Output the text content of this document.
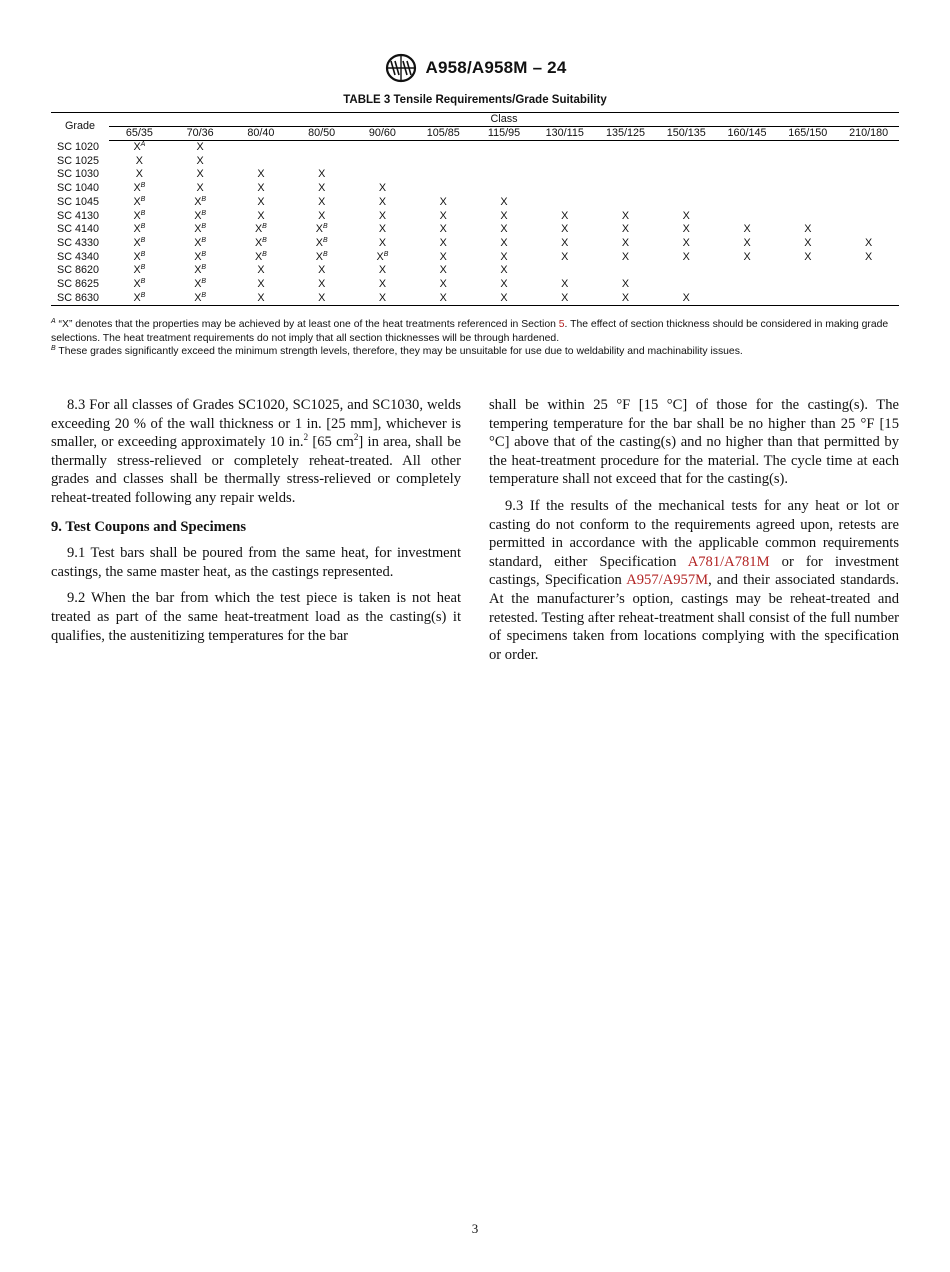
A958/A958M – 24
TABLE 3 Tensile Requirements/Grade Suitability
Grade	Class												
	65/35	70/36	80/40	80/50	90/60	105/85	115/95	130/115	135/125	150/135	160/145	165/150	210/180
SC 1020	$X^A$	X											
SC 1025	X	X											
SC 1030	X	X	X	X									
SC 1040	$X^B$	X	X	X	X								
SC 1045	$X^B$	$X^B$	X	X	X	X	X						
SC 4130	$X^B$	$X^B$	X	X	X	X	X	X	X	X			
SC 4140	$X^B$	$X^B$	$X^B$	$X^B$	X	X	X	X	X	X	X	X	
SC 4330	$X^B$	$X^B$	$X^B$	$X^B$	X	X	X	X	X	X	X	X	X
SC 4340	$X^B$	$X^B$	$X^B$	$X^B$	$X^B$	X	X	X	X	X	X	X	X
SC 8620	$X^B$	$X^B$	X	X	X	X	X						
SC 8625	$X^B$	$X^B$	X	X	X	X	X	X	X				
SC 8630	$X^B$	$X^B$	X	X	X	X	X	X	X	X			

$^A$ “X” denotes that the properties may be achieved by at least one of the heat treatments referenced in Section 5. The effect of section thickness should be considered in making grade selections. The heat treatment requirements do not imply that all section thicknesses will be through hardened.

$^B$ These grades significantly exceed the minimum strength levels, therefore, they may be unsuitable for use due to weldability and machinability issues.

8.3 For all classes of Grades SC1020, SC1025, and SC1030, welds exceeding 20 % of the wall thickness or 1 in. [25 mm], whichever is smaller, or exceeding approximately 10 in.$^2$ [65 $cm^2$] in area, shall be thermally stress-relieved or completely reheat-treated. All other grades and classes shall be thermally stress-relieved or completely reheat-treated following any repair welds.

9. Test Coupons and Specimens

9.1 Test bars shall be poured from the same heat, for investment castings, the same master heat, as the castings represented.

9.2 When the bar from which the test piece is taken is not heat treated as part of the same heat-treatment load as the casting(s) it qualifies, the austenitizing temperatures for the bar

shall be within 25 °F [15 °C] of those for the casting(s). The tempering temperature for the bar shall be no higher than 25 °F [15 °C] above that of the casting(s) and no higher than that permitted by the heat-treatment procedure for the material. The cycle time at each temperature shall not exceed that for the casting(s).

9.3 If the results of the mechanical tests for any heat or lot or casting do not conform to the requirements agreed upon, retests are permitted in accordance with the applicable common requirements standard, either Specification A781/A781M or for investment castings, Specification A957/A957M, and their associated standards. At the manufacturer’s option, castings may be reheat-treated and retested. Testing after reheat-treatment shall consist of the full number of specimens taken from locations complying with the specification or order.

3
